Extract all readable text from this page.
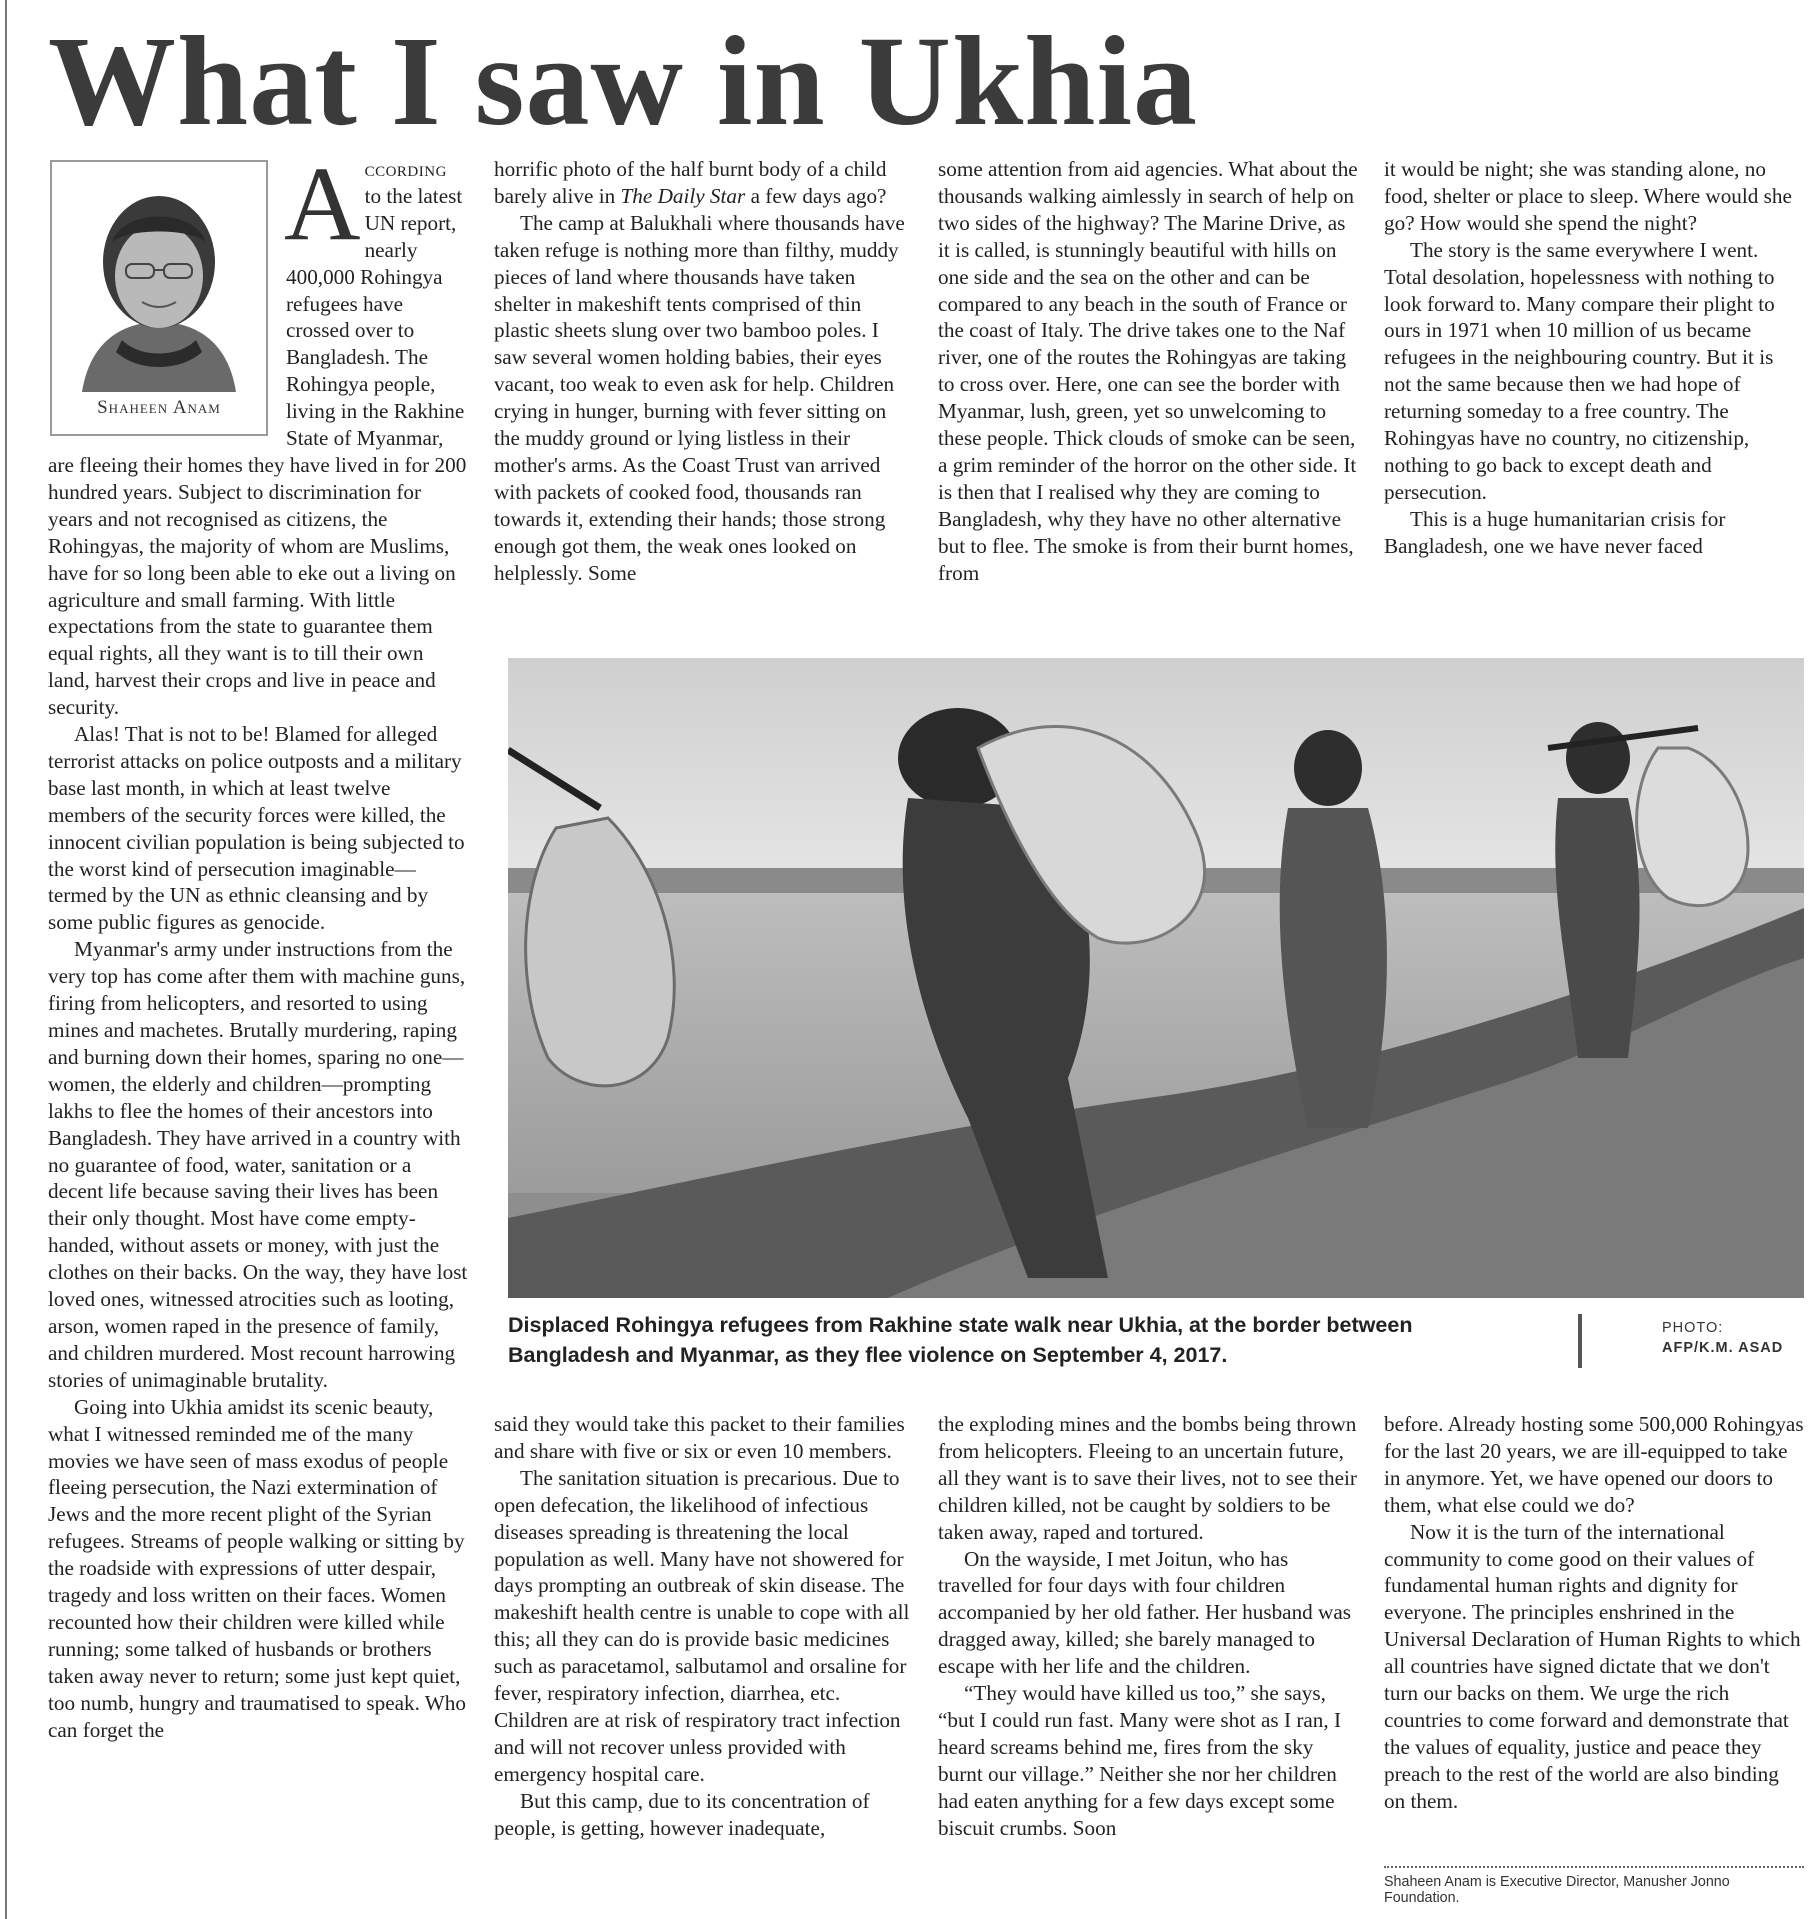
What I saw in Ukhia
Shaheen Anam

According to the latest UN report, nearly 400,000 Rohingya refugees have crossed over to Bangladesh. The Rohingya people, living in the Rakhine State of Myanmar, are fleeing their homes they have lived in for 200 hundred years. Subject to discrimination for years and not recognised as citizens, the Rohingyas, the majority of whom are Muslims, have for so long been able to eke out a living on agriculture and small farming. With little expectations from the state to guarantee them equal rights, all they want is to till their own land, harvest their crops and live in peace and security.

Alas! That is not to be! Blamed for alleged terrorist attacks on police outposts and a military base last month, in which at least twelve members of the security forces were killed, the innocent civilian population is being subjected to the worst kind of persecution imaginable—termed by the UN as ethnic cleansing and by some public figures as genocide.

Myanmar's army under instructions from the very top has come after them with machine guns, firing from helicopters, and resorted to using mines and machetes. Brutally murdering, raping and burning down their homes, sparing no one—women, the elderly and children—prompting lakhs to flee the homes of their ancestors into Bangladesh. They have arrived in a country with no guarantee of food, water, sanitation or a decent life because saving their lives has been their only thought. Most have come empty-handed, without assets or money, with just the clothes on their backs. On the way, they have lost loved ones, witnessed atrocities such as looting, arson, women raped in the presence of family, and children murdered. Most recount harrowing stories of unimaginable brutality.

Going into Ukhia amidst its scenic beauty, what I witnessed reminded me of the many movies we have seen of mass exodus of people fleeing persecution, the Nazi extermination of Jews and the more recent plight of the Syrian refugees. Streams of people walking or sitting by the roadside with expressions of utter despair, tragedy and loss written on their faces. Women recounted how their children were killed while running; some talked of husbands or brothers taken away never to return; some just kept quiet, too numb, hungry and traumatised to speak. Who can forget the

horrific photo of the half burnt body of a child barely alive in The Daily Star a few days ago?

The camp at Balukhali where thousands have taken refuge is nothing more than filthy, muddy pieces of land where thousands have taken shelter in makeshift tents comprised of thin plastic sheets slung over two bamboo poles. I saw several women holding babies, their eyes vacant, too weak to even ask for help. Children crying in hunger, burning with fever sitting on the muddy ground or lying listless in their mother's arms. As the Coast Trust van arrived with packets of cooked food, thousands ran towards it, extending their hands; those strong enough got them, the weak ones looked on helplessly. Some

some attention from aid agencies. What about the thousands walking aimlessly in search of help on two sides of the highway? The Marine Drive, as it is called, is stunningly beautiful with hills on one side and the sea on the other and can be compared to any beach in the south of France or the coast of Italy. The drive takes one to the Naf river, one of the routes the Rohingyas are taking to cross over. Here, one can see the border with Myanmar, lush, green, yet so unwelcoming to these people. Thick clouds of smoke can be seen, a grim reminder of the horror on the other side. It is then that I realised why they are coming to Bangladesh, why they have no other alternative but to flee. The smoke is from their burnt homes, from

it would be night; she was standing alone, no food, shelter or place to sleep. Where would she go? How would she spend the night?

The story is the same everywhere I went. Total desolation, hopelessness with nothing to look forward to. Many compare their plight to ours in 1971 when 10 million of us became refugees in the neighbouring country. But it is not the same because then we had hope of returning someday to a free country. The Rohingyas have no country, no citizenship, nothing to go back to except death and persecution.

This is a huge humanitarian crisis for Bangladesh, one we have never faced

Displaced Rohingya refugees from Rakhine state walk near Ukhia, at the border between Bangladesh and Myanmar, as they flee violence on September 4, 2017.
PHOTO:
AFP/K.M. ASAD

said they would take this packet to their families and share with five or six or even 10 members.

The sanitation situation is precarious. Due to open defecation, the likelihood of infectious diseases spreading is threatening the local population as well. Many have not showered for days prompting an outbreak of skin disease. The makeshift health centre is unable to cope with all this; all they can do is provide basic medicines such as paracetamol, salbutamol and orsaline for fever, respiratory infection, diarrhea, etc. Children are at risk of respiratory tract infection and will not recover unless provided with emergency hospital care.

But this camp, due to its concentration of people, is getting, however inadequate,

the exploding mines and the bombs being thrown from helicopters. Fleeing to an uncertain future, all they want is to save their lives, not to see their children killed, not be caught by soldiers to be taken away, raped and tortured.

On the wayside, I met Joitun, who has travelled for four days with four children accompanied by her old father. Her husband was dragged away, killed; she barely managed to escape with her life and the children.

“They would have killed us too,” she says, “but I could run fast. Many were shot as I ran, I heard screams behind me, fires from the sky burnt our village.” Neither she nor her children had eaten anything for a few days except some biscuit crumbs. Soon

before. Already hosting some 500,000 Rohingyas for the last 20 years, we are ill-equipped to take in anymore. Yet, we have opened our doors to them, what else could we do?

Now it is the turn of the international community to come good on their values of fundamental human rights and dignity for everyone. The principles enshrined in the Universal Declaration of Human Rights to which all countries have signed dictate that we don't turn our backs on them. We urge the rich countries to come forward and demonstrate that the values of equality, justice and peace they preach to the rest of the world are also binding on them.

Shaheen Anam is Executive Director, Manusher Jonno Foundation.
